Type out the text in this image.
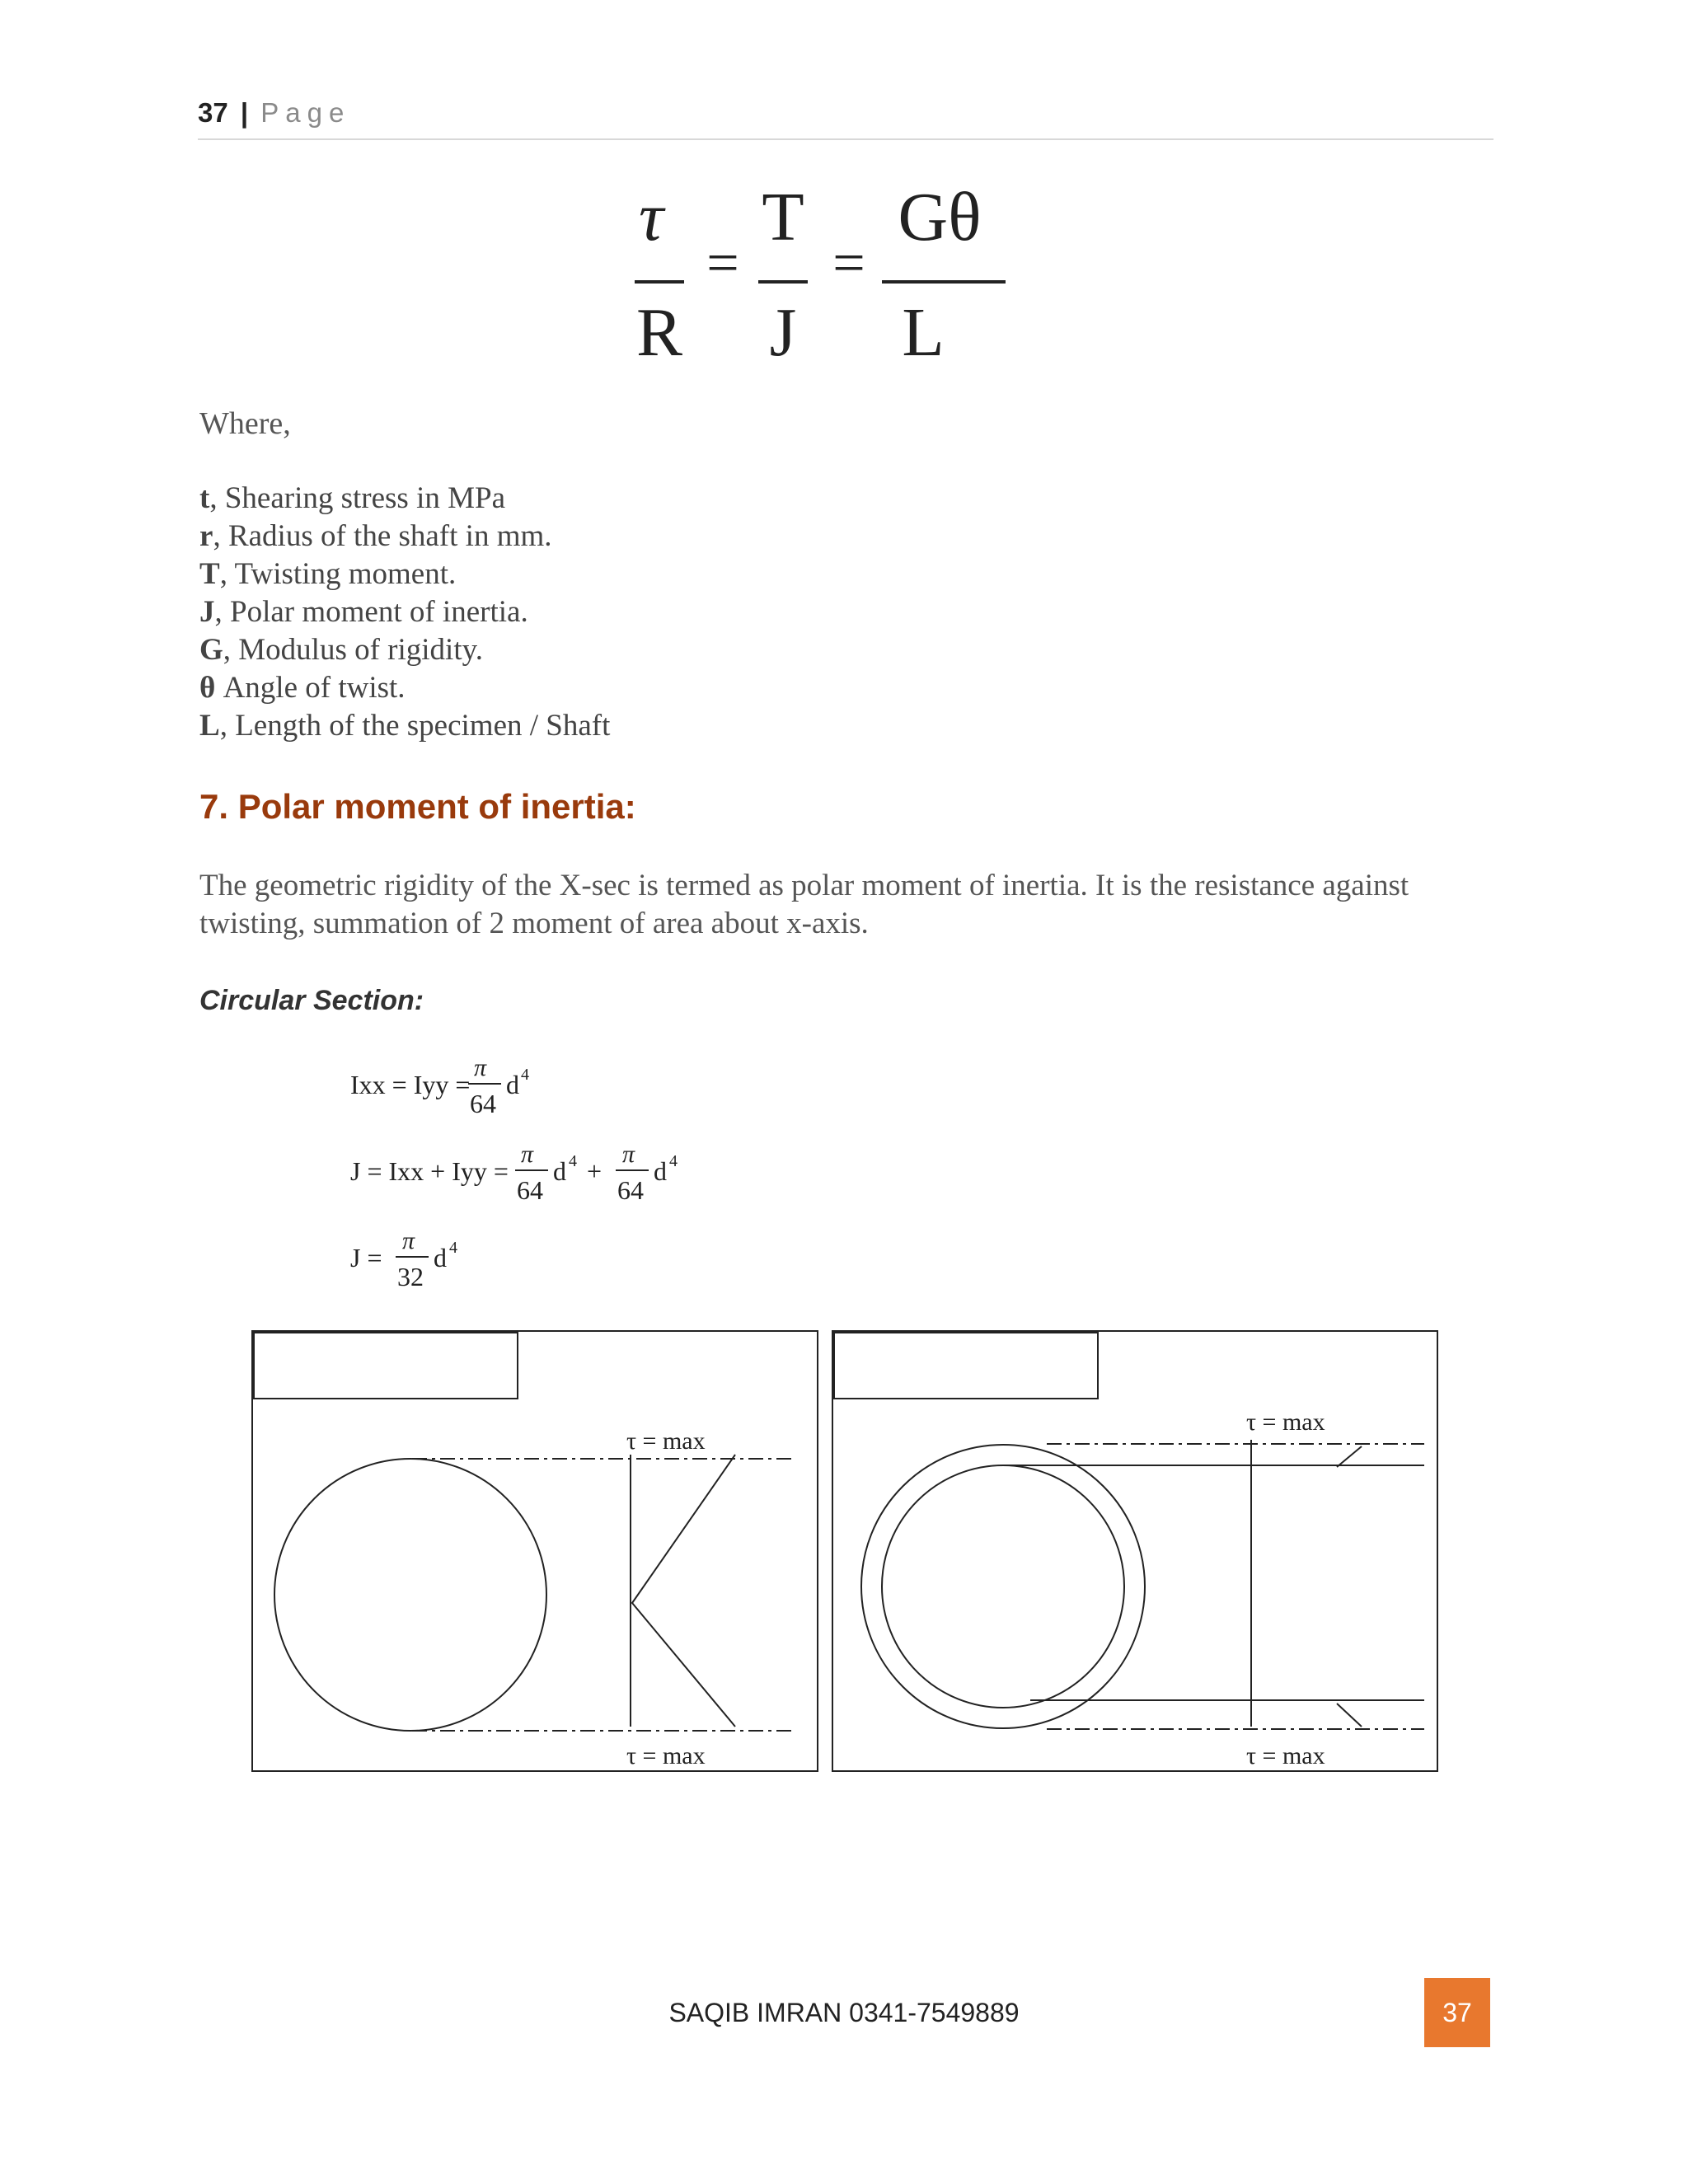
37 | Page
τ
R
=
T
J
=
Gθ
L
Where,
t, Shearing stress in MPa
r, Radius of the shaft in mm.
T, Twisting moment.
J, Polar moment of inertia.
G, Modulus of rigidity.
θ Angle of twist.
L, Length of the specimen / Shaft
7. Polar moment of inertia:
The geometric rigidity of the X-sec is termed as polar moment of inertia. It is the resistance against twisting, summation of 2 moment of area about x-axis.
Circular Section:
Ixx = Iyy =
π
64
d 4
J = Ixx + Iyy =
π
64
d 4 +
π
64
d 4
J =
π
32
d 4
τ = max
τ = max
τ = max
τ = max
SAQIB IMRAN 0341-7549889	37
